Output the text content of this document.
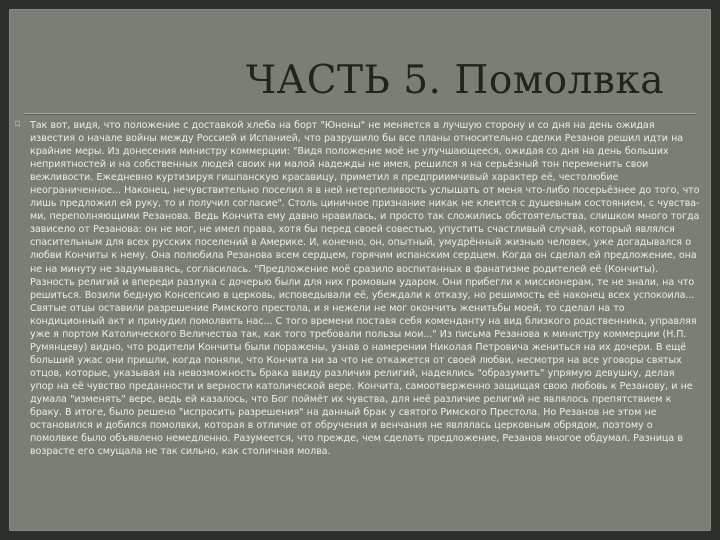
ЧАСТЬ 5. Помолвка
▫ Так вот, видя, что положение с доставкой хлеба на борт "Юноны" не меняется в лучшую сторону и со дня на день ожидая известия о начале войны между Россией и Испанией, что разрушило бы все планы относительно сделки Резанов решил идти на крайние меры. Из донесения министру коммерции: "Видя положение моё не улучшающееся, ожидая со дня на день больших неприятностей и на собственных людей своих ни малой надежды не имея, решился я на серьёзный тон переменить свои вежливости. Ежедневно куртизируя гишпанскую красавицу, приметил я предприимчивый характер её, честолюбие неограниченное... Наконец, нечувствительно поселил я в ней нетерпеливость услышать от меня что-либо посерьёзнее до того, что лишь предложил ей руку, то и получил согласие". Столь циничное признание никак не клеится с душевным состоянием, с чувства- ми, переполняющими Резанова. Ведь Кончита ему давно нравилась, и просто так сложились обстоятельства, слишком много тогда зависело от Резанова: он не мог, не имел права, хотя бы перед своей совестью, упустить счастливый случай, который являлся спасительным для всех русских поселений в Америке. И, конечно, он, опытный, умудрённый жизнью человек, уже догадывался о любви Кончиты к нему. Она полюбила Резанова всем сердцем, горячим испанским сердцем. Когда он сделал ей предложение, она не на минуту не задумываясь, согласилась. "Предложение моё сразило воспитанных в фанатизме родителей её (Кончиты). Разность религий и впереди разлука с дочерью были для них громовым ударом. Они прибегли к миссионерам, те не знали, на что решиться. Возили бедную Консепсию в церковь, исповедывали её, убеждали к отказу, но решимость её наконец всех успокоила... Святые отцы оставили разрешение Римского престола, и я нежели не мог окончить женитьбы моей, то сделал на то кондиционный акт и принудил помолвить нас... С того времени поставя себя коменданту на вид близкого родственника, управляя уже я портом Католического Величества так, как того требовали пользы мои..." Из письма Резанова к министру коммерции (Н.П. Румянцеву) видно, что родители Кончиты были поражены, узнав о намерении Николая Петровича жениться на их дочери. В ещё больший ужас они пришли, когда поняли, что Кончита ни за что не откажется от своей любви, несмотря на все уговоры святых отцов, которые, указывая на невозможность брака ввиду различия религий, надеялись "образумить" упрямую девушку, делая упор на её чувство преданности и верности католической вере. Кончита, самоотверженно защищая свою любовь к Резанову, и не думала "изменять" вере, ведь ей казалось, что Бог поймёт их чувства, для неё различие религий не являлось препятствием к браку. В итоге, было решено "испросить разрешения" на данный брак у святого Римского Престола. Но Резанов не этом не остановился и добился помолвки, которая в отличие от обручения и венчания не являлась церковным обрядом, поэтому о помолвке было объявлено немедленно. Разумеется, что прежде, чем сделать предложение, Резанов многое обдумал. Разница в возрасте его смущала не так сильно, как столичная молва.
